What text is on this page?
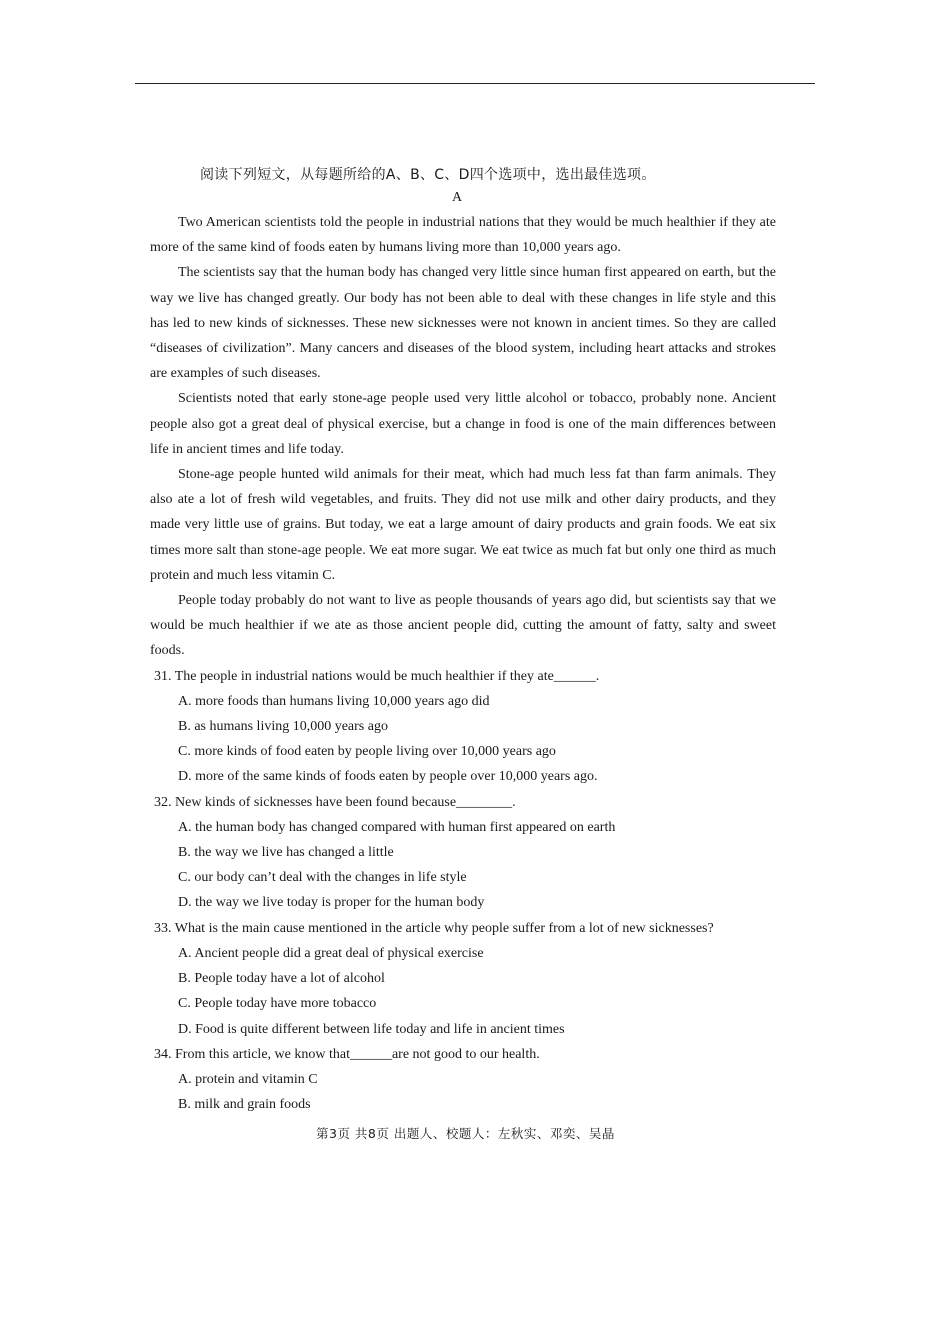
阅读下列短文，从每题所给的A、B、C、D四个选项中，选出最佳选项。
A

Two American scientists told the people in industrial nations that they would be much healthier if they ate more of the same kind of foods eaten by humans living more than 10,000 years ago.

The scientists say that the human body has changed very little since human first appeared on earth, but the way we live has changed greatly. Our body has not been able to deal with these changes in life style and this has led to new kinds of sicknesses. These new sicknesses were not known in ancient times. So they are called “diseases of civilization”. Many cancers and diseases of the blood system, including heart attacks and strokes are examples of such diseases.

Scientists noted that early stone-age people used very little alcohol or tobacco, probably none. Ancient people also got a great deal of physical exercise, but a change in food is one of the main differences between life in ancient times and life today.

Stone-age people hunted wild animals for their meat, which had much less fat than farm animals. They also ate a lot of fresh wild vegetables, and fruits. They did not use milk and other dairy products, and they made very little use of grains. But today, we eat a large amount of dairy products and grain foods. We eat six times more salt than stone-age people. We eat more sugar. We eat twice as much fat but only one third as much protein and much less vitamin C.

People today probably do not want to live as people thousands of years ago did, but scientists say that we would be much healthier if we ate as those ancient people did, cutting the amount of fatty, salty and sweet foods.

31. The people in industrial nations would be much healthier if they ate______.

A. more foods than humans living 10,000 years ago did

B. as humans living 10,000 years ago

C. more kinds of food eaten by people living over 10,000 years ago

D. more of the same kinds of foods eaten by people over 10,000 years ago.

32. New kinds of sicknesses have been found because________.

A. the human body has changed compared with human first appeared on earth

B. the way we live has changed a little

C. our body can’t deal with the changes in life style

D. the way we live today is proper for the human body

33. What is the main cause mentioned in the article why people suffer from a lot of new sicknesses?

A. Ancient people did a great deal of physical exercise

B. People today have a lot of alcohol

C. People today have more tobacco

D. Food is quite different between life today and life in ancient times

34. From this article, we know that______are not good to our health.

A. protein and vitamin C

B. milk and grain foods

第3页 共8页 出题人、校题人：左秋实、邓奕、吴晶
